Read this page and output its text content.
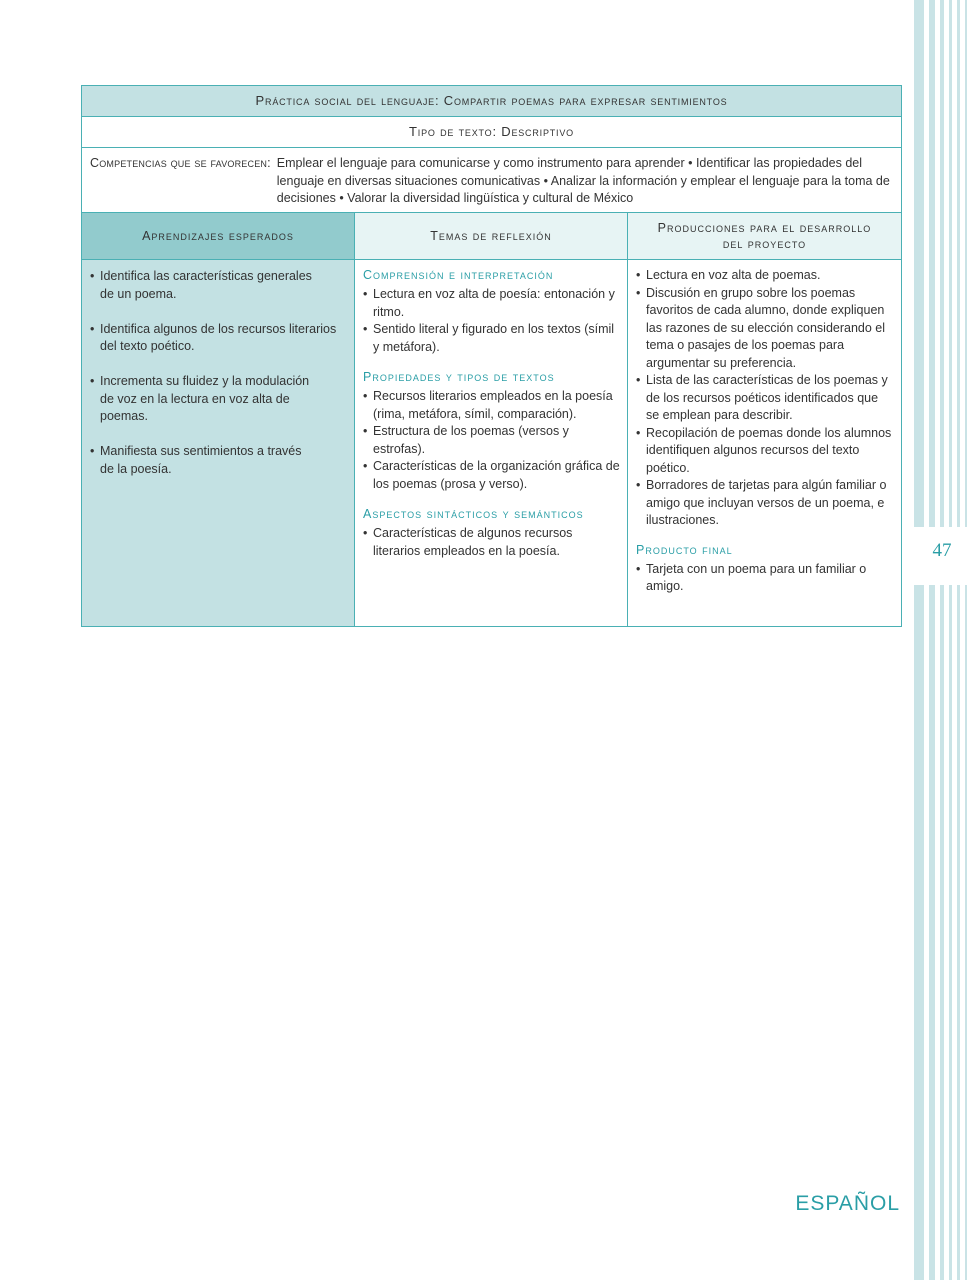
47
Práctica social del lenguaje: Compartir poemas para expresar sentimientos
Tipo de texto: Descriptivo
Competencias que se favorecen: Emplear el lenguaje para comunicarse y como instrumento para aprender • Identificar las propiedades del lenguaje en diversas situaciones comunicativas • Analizar la información y emplear el lenguaje para la toma de decisiones • Valorar la diversidad lingüística y cultural de México
Aprendizajes esperados	Temas de reflexión
Producciones para el desarrollo del proyecto
• Identifica las características generales de un poema.
• Identifica algunos de los recursos literarios del texto poético.
• Incrementa su fluidez y la modulación de voz en la lectura en voz alta de poemas.
• Manifiesta sus sentimientos a través de la poesía.
Comprensión e interpretación
• Lectura en voz alta de poesía: entonación y ritmo.
• Sentido literal y figurado en los textos (símil y metáfora).
Propiedades y tipos de textos
• Recursos literarios empleados en la poesía (rima, metáfora, símil, comparación).
• Estructura de los poemas (versos y estrofas).
• Características de la organización gráfica de los poemas (prosa y verso).
Aspectos sintácticos y semánticos
• Características de algunos recursos literarios empleados en la poesía.
• Lectura en voz alta de poemas.
• Discusión en grupo sobre los poemas favoritos de cada alumno, donde expliquen las razones de su elección considerando el tema o pasajes de los poemas para argumentar su preferencia.
• Lista de las características de los poemas y de los recursos poéticos identificados que se emplean para describir.
• Recopilación de poemas donde los alumnos identifiquen algunos recursos del texto poético.
• Borradores de tarjetas para algún familiar o amigo que incluyan versos de un poema, e ilustraciones.
Producto final
• Tarjeta con un poema para un familiar o amigo.
ESPAÑOL
